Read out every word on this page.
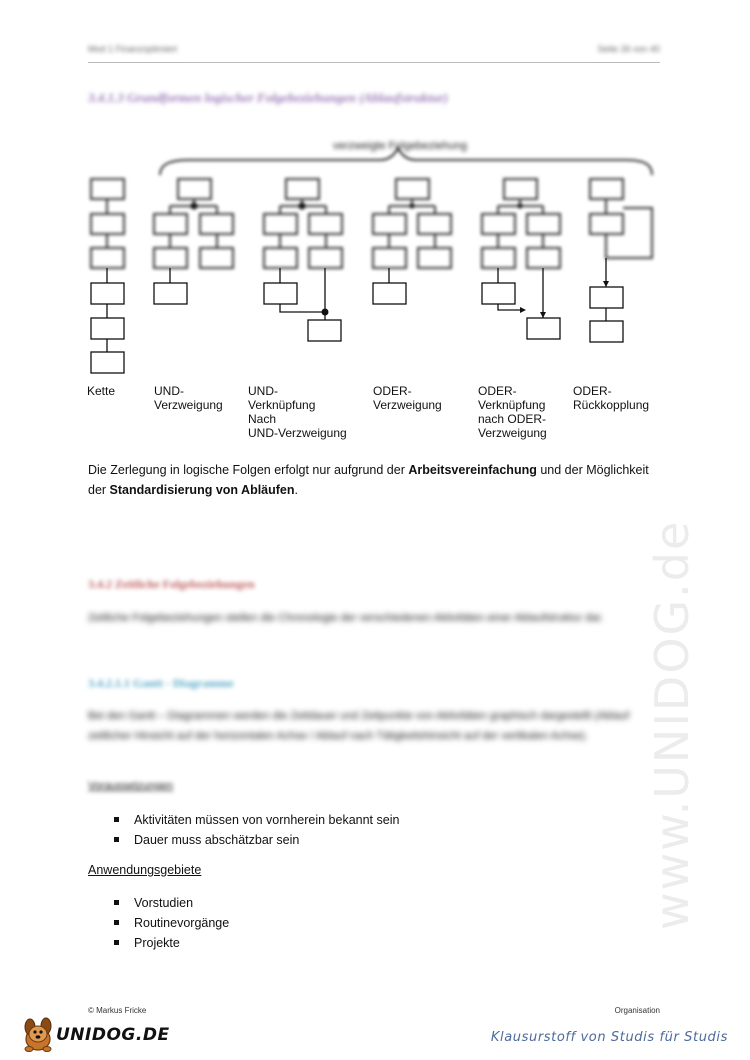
Mod 1 Finanzoptimiert	Seite 26 von 40
3.4.1.3 Grundformen logischer Folgebeziehungen (Ablaufstruktur)
verzweigte Folgebeziehung
Kette	UND-
Verzweigung
UND-
Verknüpfung
Nach
UND-Verzweigung
ODER-
Verzweigung
ODER-
Verknüpfung
nach ODER-
Verzweigung
ODER-
Rückkopplung

Die Zerlegung in logische Folgen erfolgt nur aufgrund der Arbeitsvereinfachung und der Möglichkeit der Standardisierung von Abläufen.

3.4.2 Zeitliche Folgebeziehungen

Zeitliche Folgebeziehungen stellen die Chronologie der verschiedenen Aktivitäten einer Ablaufstruktur dar.

3.4.2.1.1 Gantt - Diagramme

Bei den Gantt – Diagrammen werden die Zeitdauer und Zeitpunkte von Aktivitäten graphisch dargestellt (Ablauf zeitlicher Hinsicht auf der horizontalen Achse / Ablauf nach Tätigkeitshinsicht auf der vertikalen Achse).

Voraussetzungen
Aktivitäten müssen von vornherein bekannt sein
Dauer muss abschätzbar sein
Anwendungsgebiete
Vorstudien
Routinevorgänge
Projekte
www.UNIDOG.de
© Markus Fricke	Organisation
UNIDOG.DE	Klausurstoff von Studis für Studis
